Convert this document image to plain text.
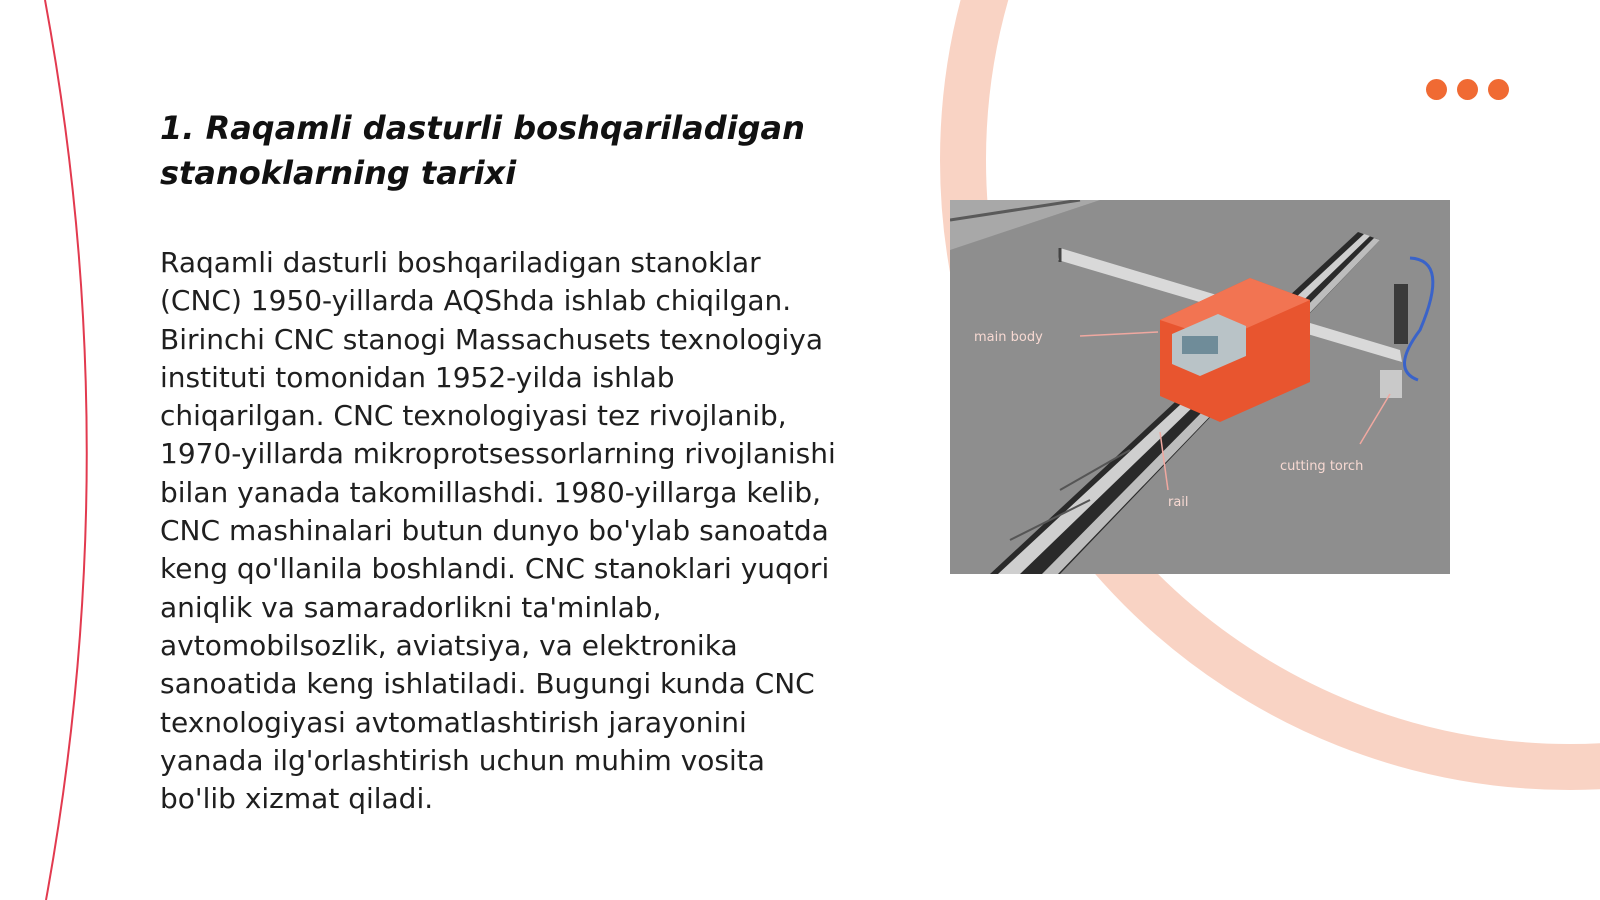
1. Raqamli dasturli boshqariladigan stanoklarning tarixi

Raqamli dasturli boshqariladigan stanoklar (CNC) 1950-yillarda AQShda ishlab chiqilgan. Birinchi CNC stanogi Massachusets texnologiya instituti tomonidan 1952-yilda ishlab chiqarilgan. CNC texnologiyasi tez rivojlanib, 1970-yillarda mikroprotsessorlarning rivojlanishi bilan yanada takomillashdi. 1980-yillarga kelib, CNC mashinalari butun dunyo bo'ylab sanoatda keng qo'llanila boshlandi. CNC stanoklari yuqori aniqlik va samaradorlikni ta'minlab, avtomobilsozlik, aviatsiya, va elektronika sanoatida keng ishlatiladi. Bugungi kunda CNC texnologiyasi avtomatlashtirish jarayonini yanada ilg'orlashtirish uchun muhim vosita bo'lib xizmat qiladi.

main body
cutting torch
rail
